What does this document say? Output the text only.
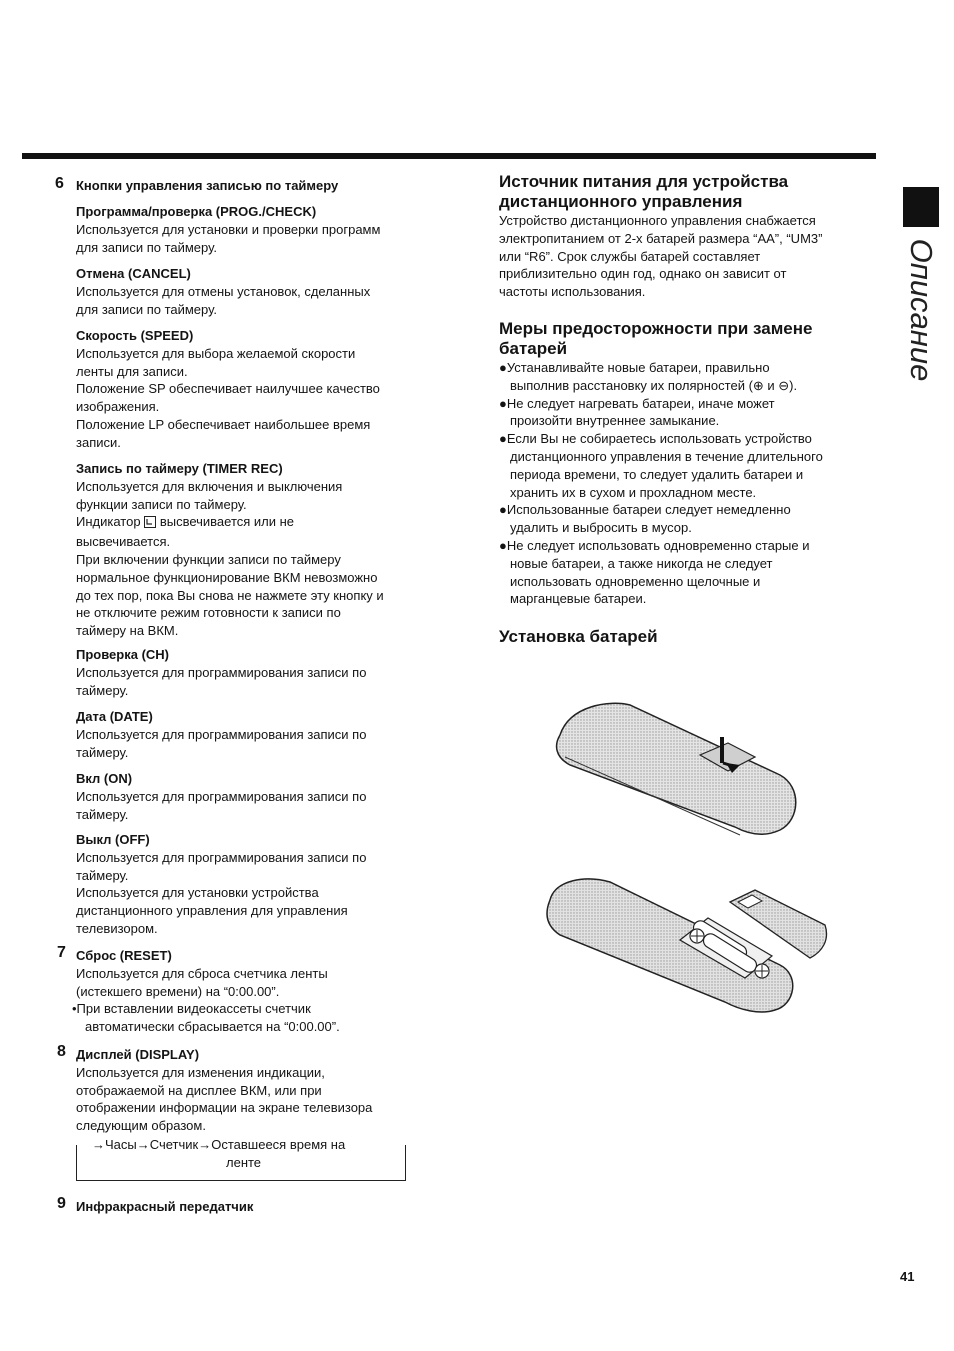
Описание
6 Кнопки управления записью по таймеру

Программа/проверка (PROG./CHECK)

Используется для установки и проверки программ

для записи по таймеру.

Отмена (CANCEL)

Используется для отмены установок, сделанных

для записи по таймеру.

Скорость (SPEED)

Используется для выбора желаемой скорости

ленты для записи.

Положение SP обеспечивает наилучшее качество

изображения.

Положение LP обеспечивает наибольшее время

записи.

Запись по таймеру (TIMER REC)

Используется для включения и выключения

функции записи по таймеру.

Индикатор высвечивается или не

высвечивается.

При включении функции записи по таймеру

нормальное функционирование ВКМ невозможно

до тех пор, пока Вы снова не нажмете эту кнопку и

не отключите режим готовности к записи по

таймеру на ВКМ.

Проверка (CH)

Используется для программирования записи по

таймеру.

Дата (DATE)

Используется для программирования записи по

таймеру.

Вкл (ON)

Используется для программирования записи по

таймеру.

Выкл (OFF)

Используется для программирования записи по

таймеру.

Используется для установки устройства

дистанционного управления для управления

телевизором.

7 Сброс (RESET)

Используется для сброса счетчика ленты

(истекшего времени) на “0:00.00”.

•При вставлении видеокассеты счетчик

автоматически сбрасывается на “0:00.00”.

8 Дисплей (DISPLAY)

Используется для изменения индикации,

отображаемой на дисплее ВКМ, или при

отображении информации на экране телевизора

следующим образом.

→Часы→Счетчик→Оставшееся время на
ленте
9 Инфракрасный передатчик

Источник питания для устройства

дистанционного управления

Устройство дистанционного управления снабжается

электропитанием от 2-х батарей размера “AA”, “UM3”

или “R6”. Срок службы батарей составляет

приблизительно один год, однако он зависит от

частоты использования.

Меры предосторожности при замене

батарей

●Устанавливайте новые батареи, правильно

выполнив расстановку их полярностей (⊕ и ⊖).

●Не следует нагревать батареи, иначе может

произойти внутреннее замыкание.

●Если Вы не собираетесь использовать устройство

дистанционного управления в течение длительного

периода времени, то следует удалить батареи и

хранить их в сухом и прохладном месте.

●Использованные батареи следует немедленно

удалить и выбросить в мусор.

●Не следует использовать одновременно старые и

новые батареи, а также никогда не следует

использовать одновременно щелочные и

марганцевые батареи.

Установка батарей

41
